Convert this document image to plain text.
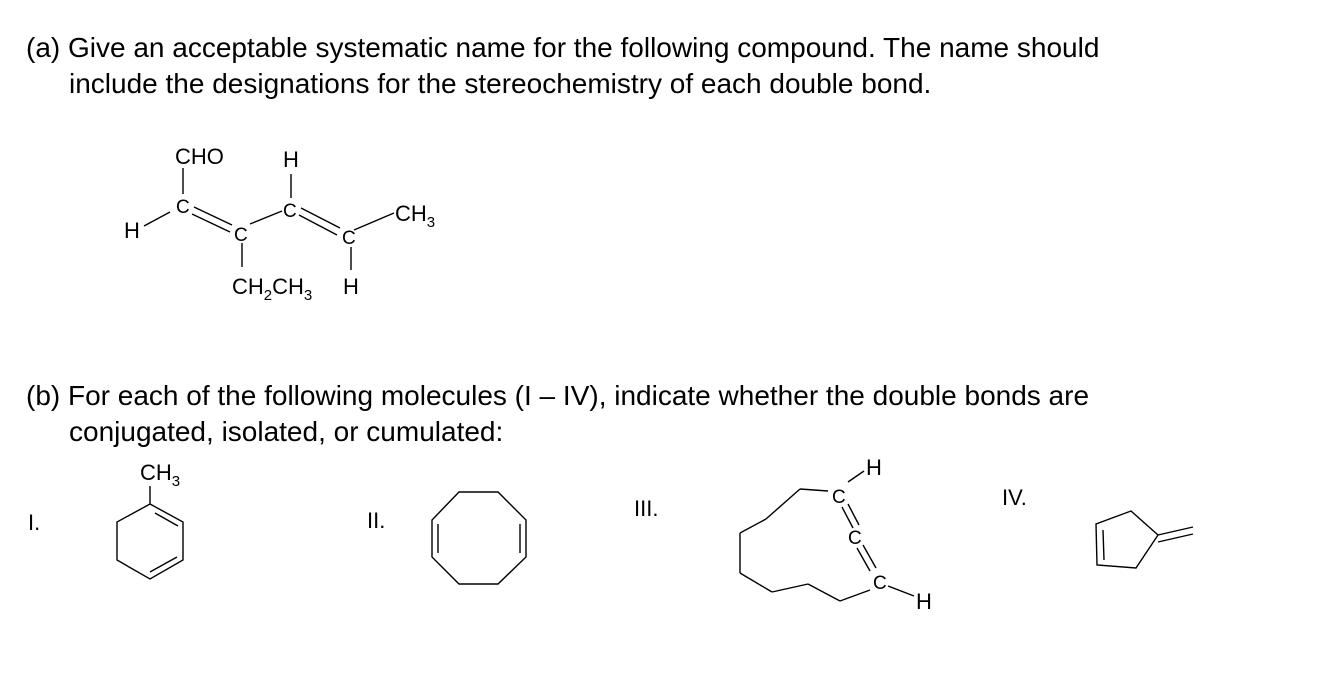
(a) Give an acceptable systematic name for the following compound. The name should
include the designations for the stereochemistry of each double bond.
(b) For each of the following molecules (I – IV), indicate whether the double bonds are
conjugated, isolated, or cumulated:
I.	II.	III.	IV.
C
C
C
C
CHO	H
H
H
$CH_3$
$CH_2CH_3$
$CH_3$
C
C
C
H
H
